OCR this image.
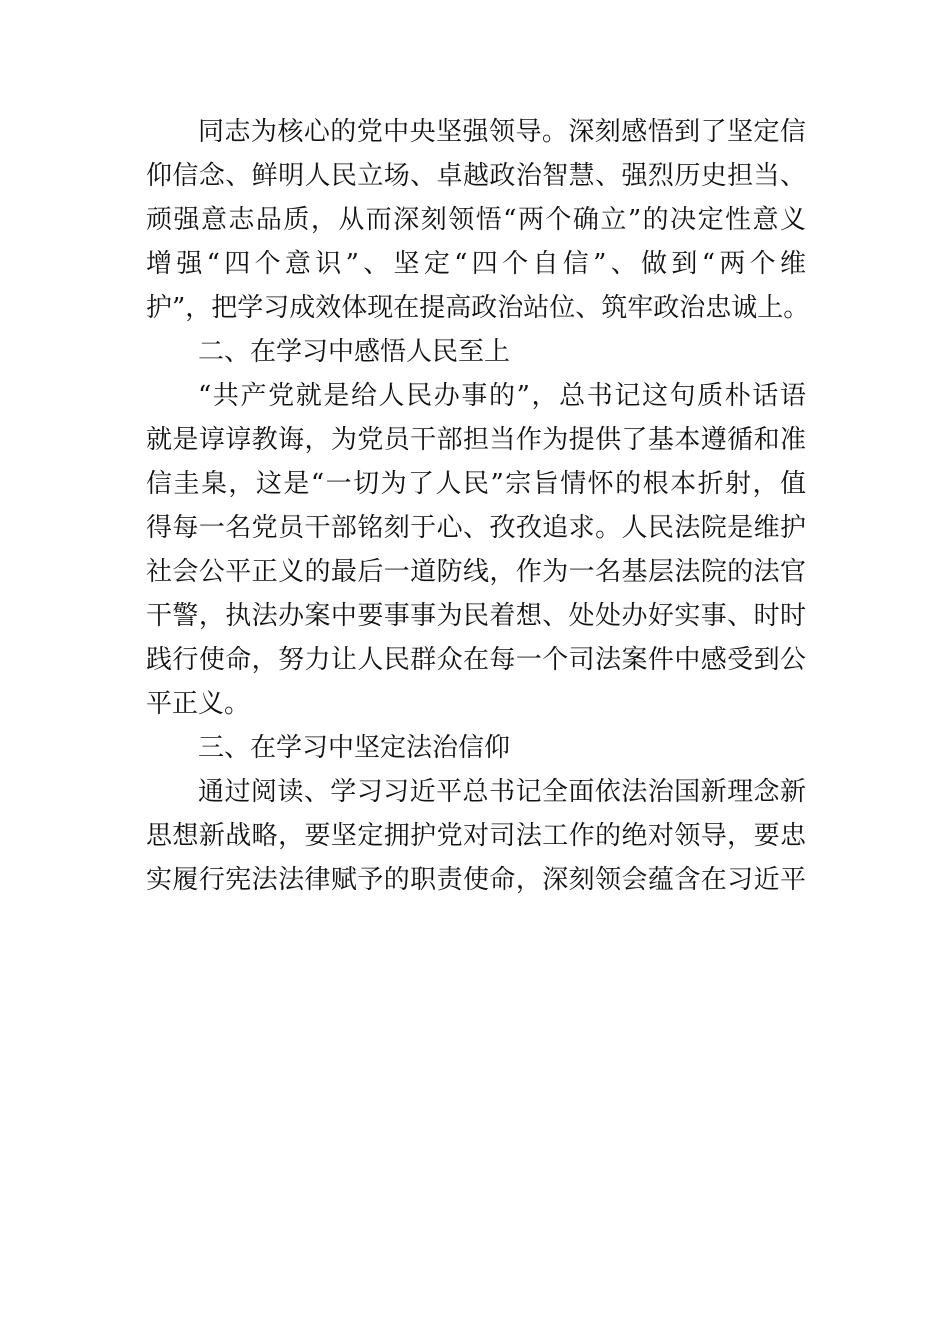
同志为核心的党中央坚强领导。深刻感悟到了坚定信
仰信念、鲜明人民立场、卓越政治智慧、强烈历史担当、
顽强意志品质，从而深刻领悟“两个确立”的决定性意义
增强“四个意识”、坚定“四个自信”、做到“两个维
护”，把学习成效体现在提高政治站位、筑牢政治忠诚上。
二、在学习中感悟人民至上
“共产党就是给人民办事的”，总书记这句质朴话语
就是谆谆教诲，为党员干部担当作为提供了基本遵循和准
信圭臬，这是“一切为了人民”宗旨情怀的根本折射，值
得每一名党员干部铭刻于心、孜孜追求。人民法院是维护
社会公平正义的最后一道防线，作为一名基层法院的法官
干警，执法办案中要事事为民着想、处处办好实事、时时
践行使命，努力让人民群众在每一个司法案件中感受到公
平正义。
三、在学习中坚定法治信仰
通过阅读、学习习近平总书记全面依法治国新理念新
思想新战略，要坚定拥护党对司法工作的绝对领导，要忠
实履行宪法法律赋予的职责使命，深刻领会蕴含在习近平
